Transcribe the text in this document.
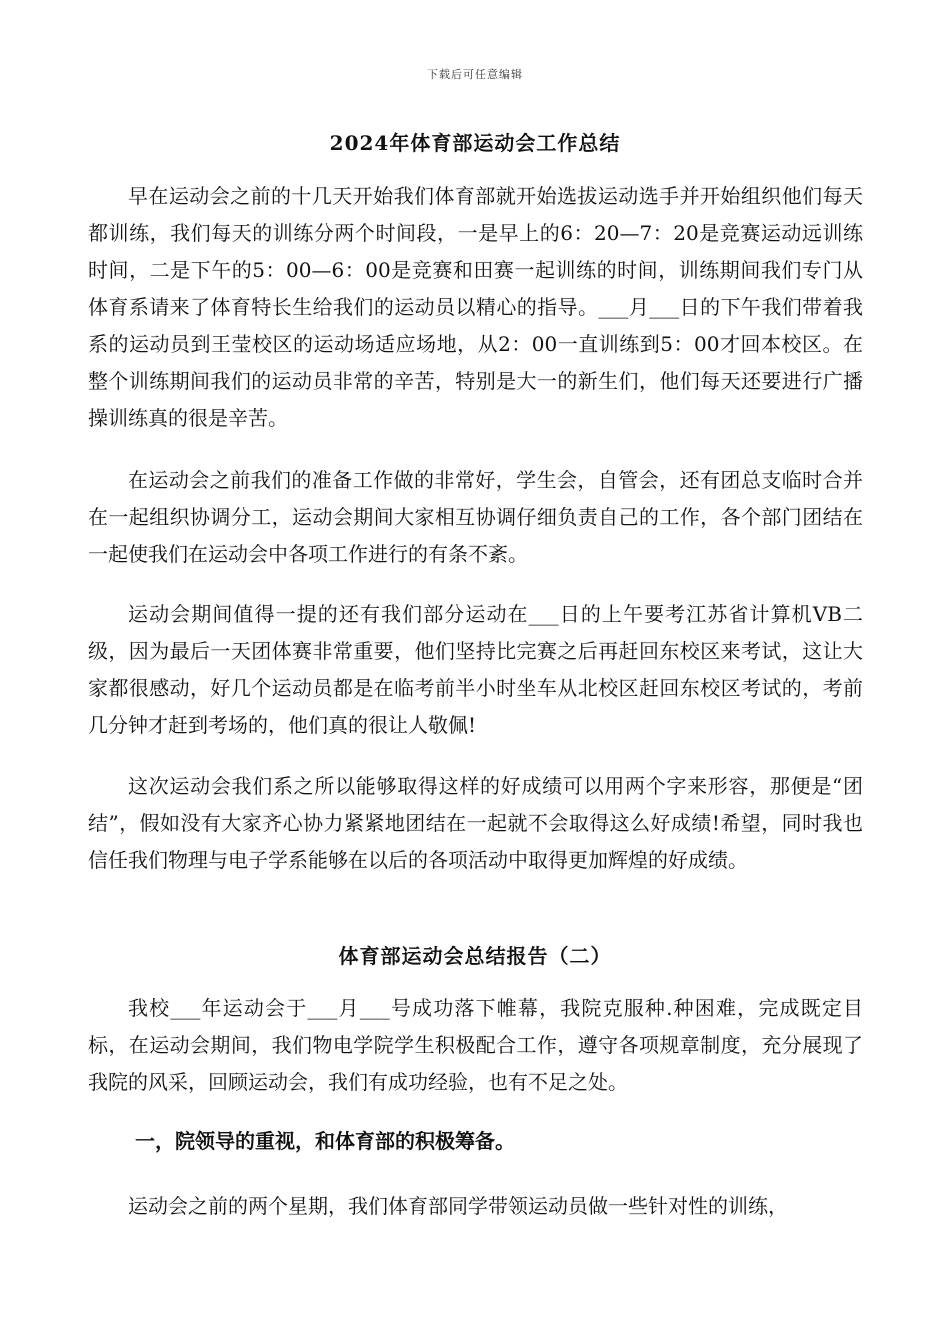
下载后可任意编辑
2024年体育部运动会工作总结

早在运动会之前的十几天开始我们体育部就开始选拔运动选手并开始组织他们每天都训练，我们每天的训练分两个时间段，一是早上的6：20—7：20是竞赛运动远训练时间，二是下午的5：00—6：00是竞赛和田赛一起训练的时间，训练期间我们专门从体育系请来了体育特长生给我们的运动员以精心的指导。___月___日的下午我们带着我系的运动员到王莹校区的运动场适应场地，从2：00一直训练到5：00才回本校区。在整个训练期间我们的运动员非常的辛苦，特别是大一的新生们，他们每天还要进行广播操训练真的很是辛苦。

在运动会之前我们的准备工作做的非常好，学生会，自管会，还有团总支临时合并在一起组织协调分工，运动会期间大家相互协调仔细负责自己的工作，各个部门团结在一起使我们在运动会中各项工作进行的有条不紊。

运动会期间值得一提的还有我们部分运动在___日的上午要考江苏省计算机VB二级，因为最后一天团体赛非常重要，他们坚持比完赛之后再赶回东校区来考试，这让大家都很感动，好几个运动员都是在临考前半小时坐车从北校区赶回东校区考试的，考前几分钟才赶到考场的，他们真的很让人敬佩!

这次运动会我们系之所以能够取得这样的好成绩可以用两个字来形容，那便是“团结”，假如没有大家齐心协力紧紧地团结在一起就不会取得这么好成绩!希望，同时我也信任我们物理与电子学系能够在以后的各项活动中取得更加辉煌的好成绩。

体育部运动会总结报告（二）

我校___年运动会于___月___号成功落下帷幕，我院克服种.种困难，完成既定目标，在运动会期间，我们物电学院学生积极配合工作，遵守各项规章制度，充分展现了我院的风采，回顾运动会，我们有成功经验，也有不足之处。

一，院领导的重视，和体育部的积极筹备。

运动会之前的两个星期，我们体育部同学带领运动员做一些针对性的训练，
